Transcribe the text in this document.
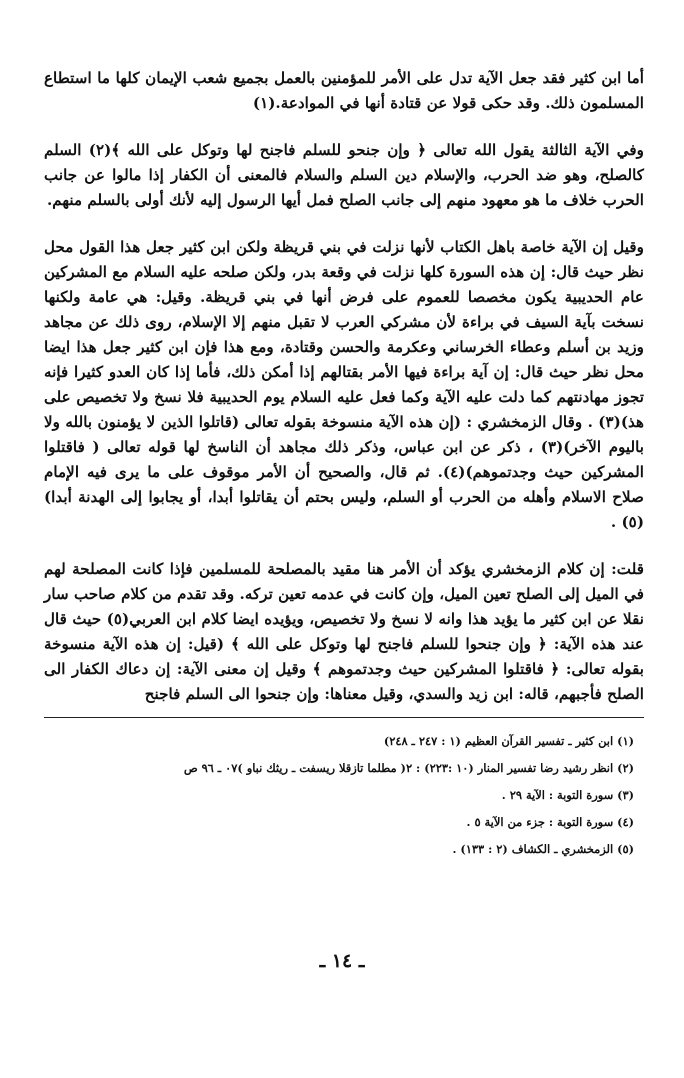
أما ابن كثير فقد جعل الآية تدل على الأمر للمؤمنين بالعمل بجميع شعب الإيمان كلها ما استطاع المسلمون ذلك. وقد حكى قولا عن قتادة أنها في الموادعة.(١)

وفي الآية الثالثة يقول الله تعالى ﴿ وإن جنحو للسلم فاجنح لها وتوكل على الله ﴾(٢) السلم كالصلح، وهو ضد الحرب، والإسلام دين السلم والسلام فالمعنى أن الكفار إذا مالوا عن جانب الحرب خلاف ما هو معهود منهم إلى جانب الصلح فمل أيها الرسول إليه لأنك أولى بالسلم منهم.

وقيل إن الآية خاصة باهل الكتاب لأنها نزلت في بني قريظة ولكن ابن كثير جعل هذا القول محل نظر حيث قال: إن هذه السورة كلها نزلت في وقعة بدر، ولكن صلحه عليه السلام مع المشركين عام الحديبية يكون مخصصا للعموم على فرض أنها في بني قريظة. وقيل: هي عامة ولكنها نسخت بآية السيف في براءة لأن مشركي العرب لا تقبل منهم إلا الإسلام، روى ذلك عن مجاهد وزيد بن أسلم وعطاء الخرساني وعكرمة والحسن وقتادة، ومع هذا فإن ابن كثير جعل هذا ايضا محل نظر حيث قال: إن آية براءة فيها الأمر بقتالهم إذا أمكن ذلك، فأما إذا كان العدو كثيرا فإنه تجوز مهادنتهم كما دلت عليه الآية وكما فعل عليه السلام يوم الحديبية فلا نسخ ولا تخصيص على هذ)(٣) . وقال الزمخشري : (إن هذه الآية منسوخة بقوله تعالى (قاتلوا الذين لا يؤمنون بالله ولا باليوم الآخر)(٣) ، ذكر عن ابن عباس، وذكر ذلك مجاهد أن الناسخ لها قوله تعالى ( فاقتلوا المشركين حيث وجدتموهم)(٤). ثم قال، والصحيح أن الأمر موقوف على ما يرى فيه الإمام صلاح الاسلام وأهله من الحرب أو السلم، وليس بحتم أن يقاتلوا أبدا، أو يجابوا إلى الهدنة أبدا)(٥) .

قلت: إن كلام الزمخشري يؤكد أن الأمر هنا مقيد بالمصلحة للمسلمين فإذا كانت المصلحة لهم في الميل إلى الصلح تعين الميل، وإن كانت في عدمه تعين تركه. وقد تقدم من كلام صاحب سار نقلا عن ابن كثير ما يؤيد هذا وانه لا نسخ ولا تخصيص، ويؤيده ايضا كلام ابن العربي(٥) حيث قال عند هذه الآية: ﴿ وإن جنحوا للسلم فاجنح لها وتوكل على الله ﴾ (قيل: إن هذه الآية منسوخة بقوله تعالى: ﴿ فاقتلوا المشركين حيث وجدتموهم ﴾ وقيل إن معنى الآية: إن دعاك الكفار الى الصلح فأجبهم، قاله: ابن زيد والسدي، وقيل معناها: وإن جنحوا الى السلم فاجنح

(١) ابن كثير ـ تفسير القرآن العظيم (١ : ٢٤٧ ـ ٢٤٨)

(٢) انظر رشيد رضا تفسير المنار (١٠ :٢٢٣) : ٢( مطلما تازقلا ريسفت ـ ريثك نباو )٠٧ ـ ٩٦ ص

(٣) سورة التوبة : الآية ٢٩ .

(٤) سورة التوبة : جزء من الآية ٥ .

(٥) الزمخشري ـ الكشاف (٢ : ١٣٣) .

ـ ١٤ ـ
